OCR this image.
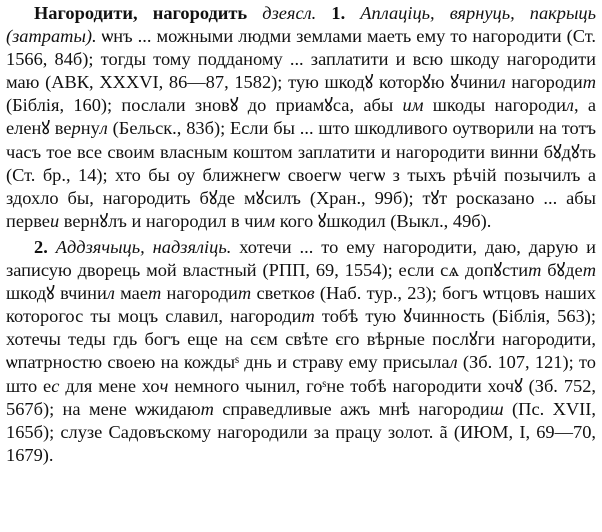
Нагородити, нагородить дзеясл. 1. Аплаціць, вярнуць, пакрыць (затраты). ѡнъ ... можными людми землами маеть ему то нагородити (Ст. 1566, 84б); тогды тому подданому ... заплатити и всю шкоду нагородити маю (АВК, XXXVI, 86—87, 1582); тую шкодꙋ которꙋю ꙋчинил нагородит (Біблія, 160); послали зновꙋ до приамꙋса, абы им шкоды нагородил, а еленꙋ вернул (Бельск., 83б); Если бы ... што шкодливого оутворили на тотъ часъ тое все своим власным коштом заплатити и нагородити винни бꙋдꙋть (Ст. бр., 14); хто бы оу ближнегѡ своегѡ чегѡ з тыхъ рѣчій позычилъ а здохло бы, нагородить бꙋде мꙋсилъ (Хран., 99б); тꙋт росказано ... абы первеи вернꙋлъ и нагородил в чим кого ꙋшкодил (Выкл., 49б).

2. Аддзячыць, надзяліць. хотечи ... то ему нагородити, даю, дарую и записую дворець мой властный (РПП, 69, 1554); если сѧ допꙋстит бꙋдет шкодꙋ вчинил мает нагородит светков (Наб. тур., 23); богъ ѡтцовъ наших которогос ты моцъ славил, нагородит тобѣ тую ꙋчинность (Біблія, 563); хотечы теды гдь богъ еще на сєм свѣте єго вѣрные послꙋги нагородити, ѡпатрностю своею на кождыˢ днь и страву ему присылал (Зб. 107, 121); то што ес для мене хоч немного чынил, гоˢне тобѣ нагородити хочꙋ (Зб. 752, 567б); на мене ѡжидают справедливые ажъ мнѣ нагородиш (Пс. XVII, 165б); слузе Садовъскому нагородили за працу золот. ã (ИЮМ, I, 69—70, 1679).
